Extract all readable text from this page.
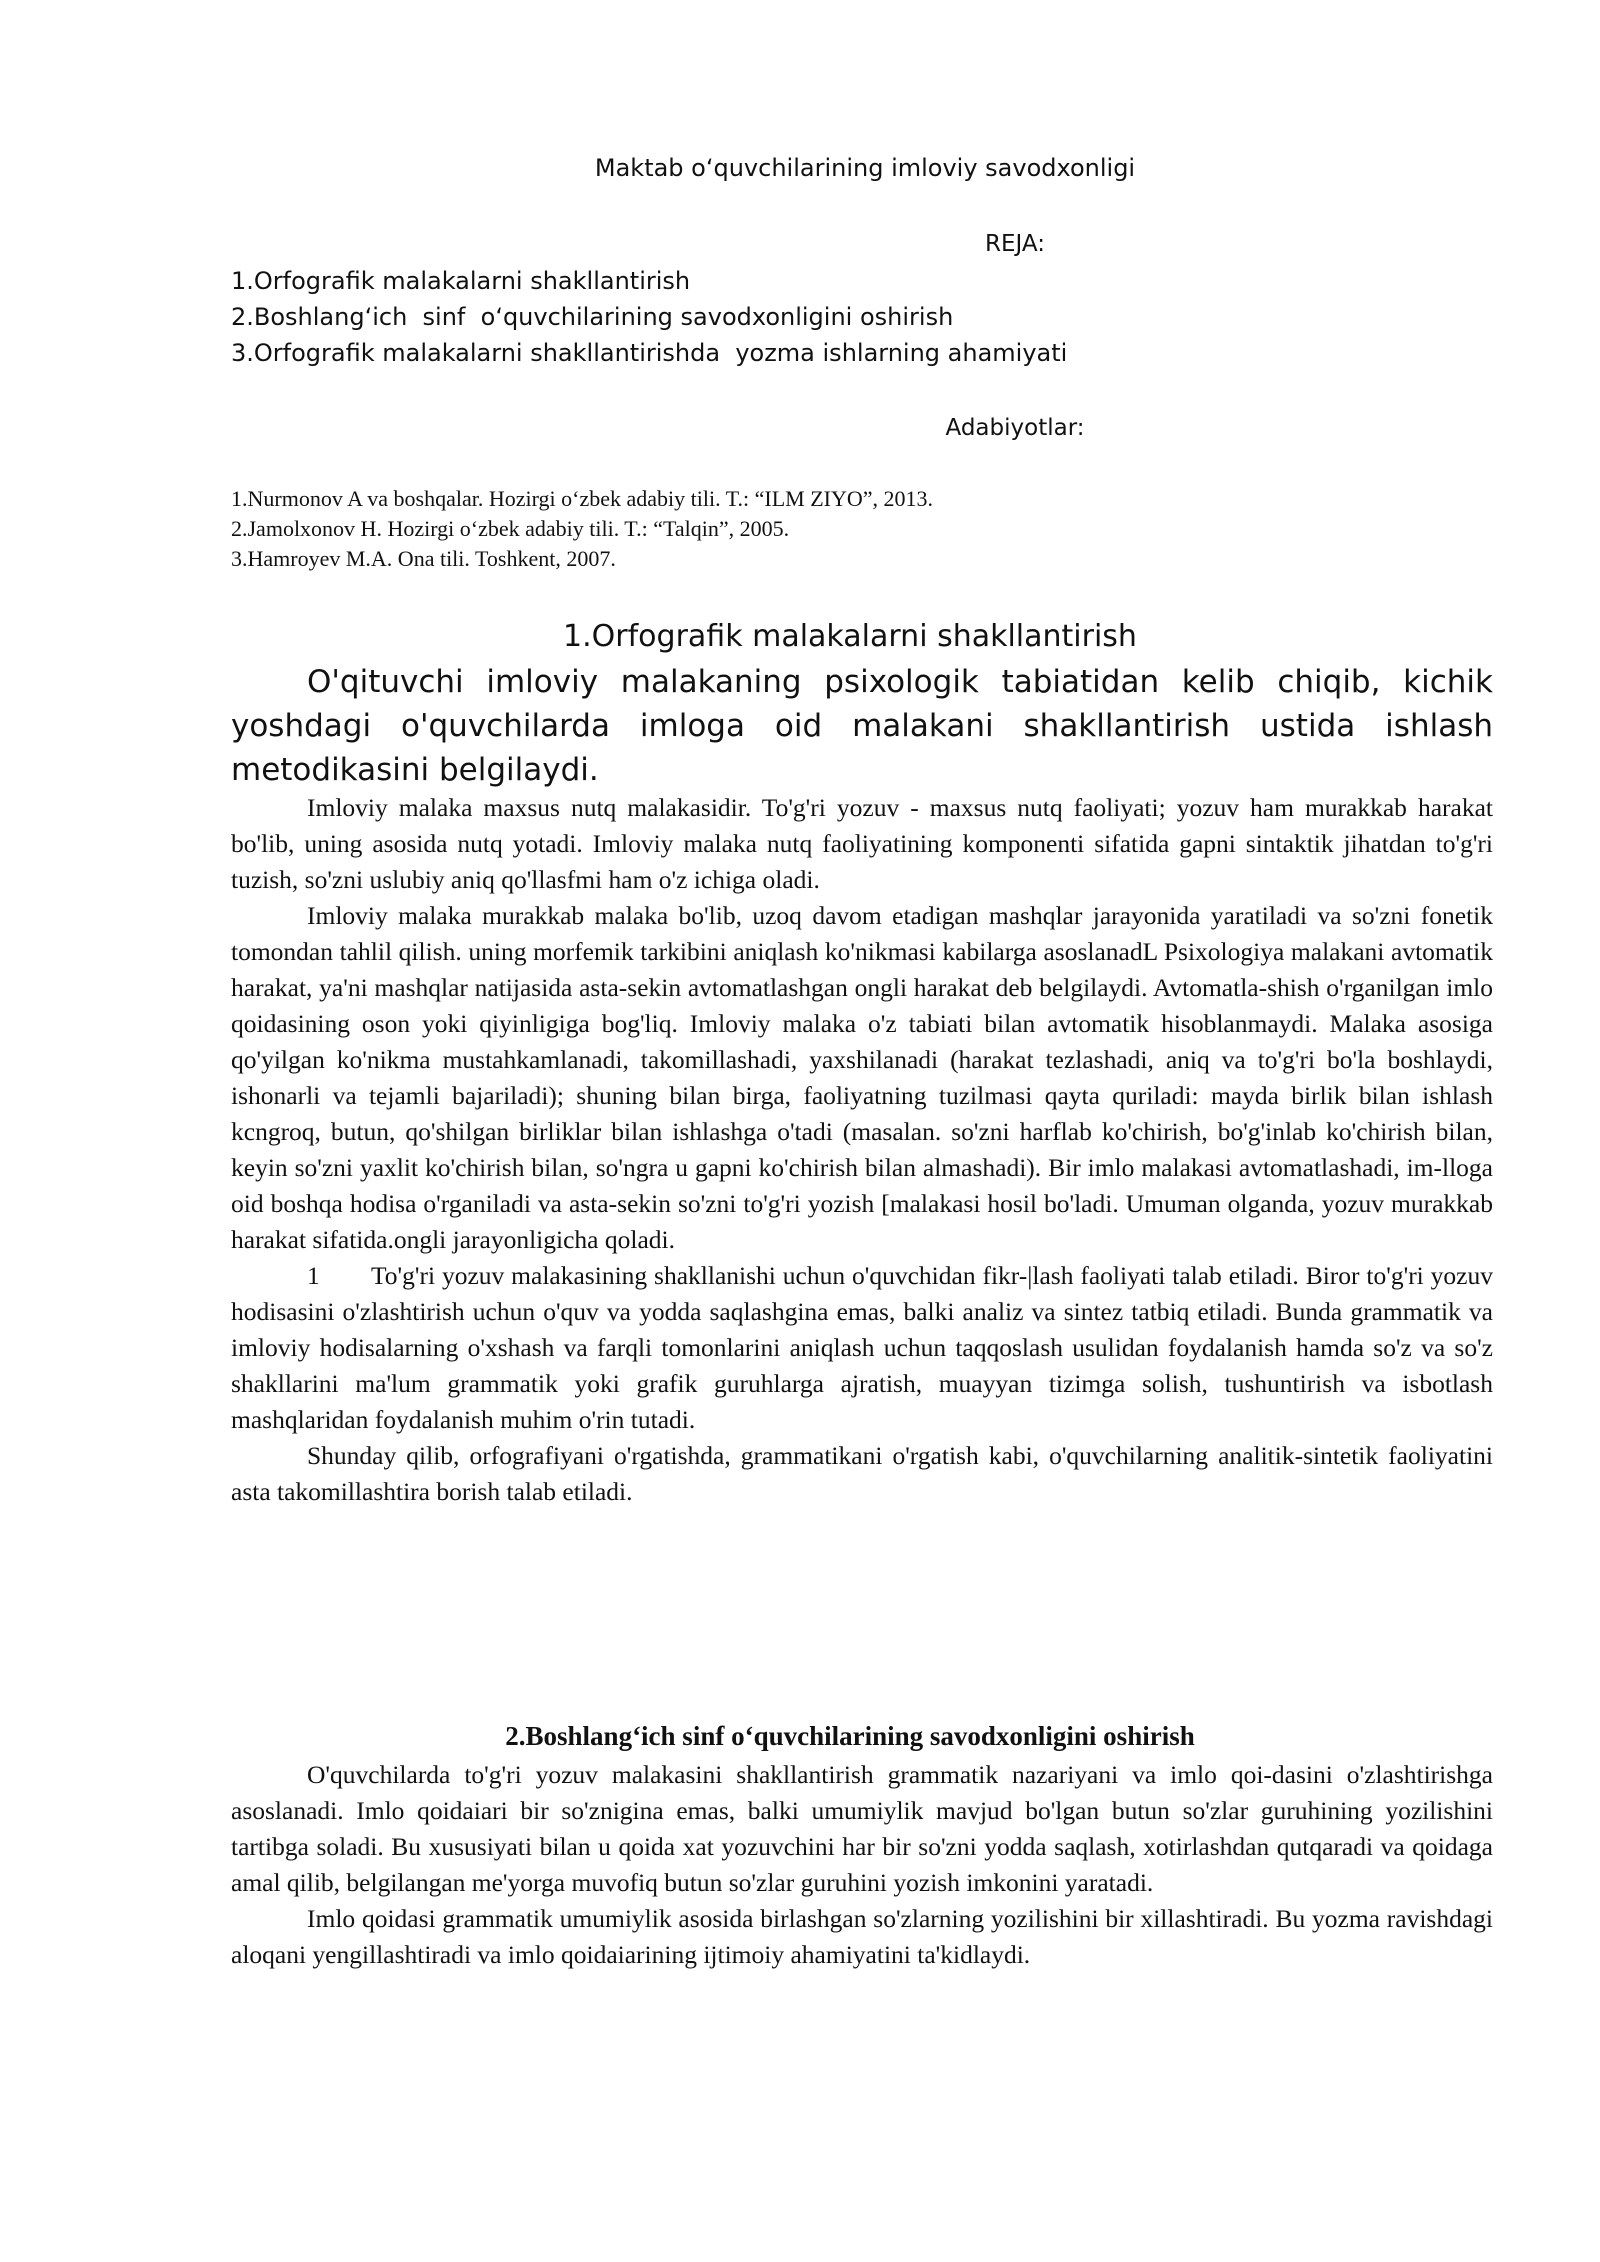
Maktab o‘quvchilarining imloviy savodxonligi
REJA:
1.Orfografik malakalarni shakllantirish
2.Boshlang‘ich  sinf  o‘quvchilarining savodxonligini oshirish
3.Orfografik malakalarni shakllantirishda  yozma ishlarning ahamiyati
Adabiyotlar:
1.Nurmonov A va boshqalar. Hozirgi o‘zbek adabiy tili. T.: “ILM ZIYO”, 2013.
2.Jamolxonov H. Hozirgi o‘zbek adabiy tili. T.: “Talqin”, 2005.
3.Hamroyev M.A. Ona tili. Toshkent, 2007.
1.Orfografik malakalarni shakllantirish
O'qituvchi imloviy malakaning psixologik tabiatidan kelib chiqib, kichik yoshdagi o'quvchilarda imloga oid malakani shakllantirish ustida ishlash metodikasini belgilaydi.

Imloviy malaka maxsus nutq malakasidir. To'g'ri yozuv - maxsus nutq faoliyati; yozuv ham murakkab harakat bo'lib, uning asosida nutq yotadi. Imloviy malaka nutq faoliyatining komponenti sifatida gapni sintaktik jihatdan to'g'ri tuzish, so'zni uslubiy aniq qo'llasfmi ham o'z ichiga oladi.

Imloviy malaka murakkab malaka bo'lib, uzoq davom etadigan mashqlar jarayonida yaratiladi va so'zni fonetik tomondan tahlil qilish. uning morfemik tarkibini aniqlash ko'nikmasi kabilarga asoslanadL Psixologiya malakani avtomatik harakat, ya'ni mashqlar natijasida asta-sekin avtomatlashgan ongli harakat deb belgilaydi. Avtomatla-shish o'rganilgan imlo qoidasining oson yoki qiyinligiga bog'liq. Imloviy malaka o'z tabiati bilan avtomatik hisoblanmaydi. Malaka asosiga qo'yilgan ko'nikma mustahkamlanadi, takomillashadi, yaxshilanadi (harakat tezlashadi, aniq va to'g'ri bo'la boshlaydi, ishonarli va tejamli bajariladi); shuning bilan birga, faoliyatning tuzilmasi qayta quriladi: mayda birlik bilan ishlash kcngroq, butun, qo'shilgan birliklar bilan ishlashga o'tadi (masalan. so'zni harflab ko'chirish, bo'g'inlab ko'chirish bilan, keyin so'zni yaxlit ko'chirish bilan, so'ngra u gapni ko'chirish bilan almashadi). Bir imlo malakasi avtomatlashadi, im-lloga oid boshqa hodisa o'rganiladi va asta-sekin so'zni to'g'ri yozish [malakasi hosil bo'ladi. Umuman olganda, yozuv murakkab harakat sifatida.ongli jarayonligicha qoladi.

1 To'g'ri yozuv malakasining shakllanishi uchun o'quvchidan fikr-|lash faoliyati talab etiladi. Biror to'g'ri yozuv hodisasini o'zlashtirish uchun o'quv va yodda saqlashgina emas, balki analiz va sintez tatbiq etiladi. Bunda grammatik va imloviy hodisalarning o'xshash va farqli tomonlarini aniqlash uchun taqqoslash usulidan foydalanish hamda so'z va so'z shakllarini ma'lum grammatik yoki grafik guruhlarga ajratish, muayyan tizimga solish, tushuntirish va isbotlash mashqlaridan foydalanish muhim o'rin tutadi.

Shunday qilib, orfografiyani o'rgatishda, grammatikani o'rgatish kabi, o'quvchilarning analitik-sintetik faoliyatini asta takomillashtira borish talab etiladi.

2.Boshlang‘ich sinf o‘quvchilarining savodxonligini oshirish

O'quvchilarda to'g'ri yozuv malakasini shakllantirish grammatik nazariyani va imlo qoi-dasini o'zlashtirishga asoslanadi. Imlo qoidaiari bir so'znigina emas, balki umumiylik mavjud bo'lgan butun so'zlar guruhining yozilishini tartibga soladi. Bu xususiyati bilan u qoida xat yozuvchini har bir so'zni yodda saqlash, xotirlashdan qutqaradi va qoidaga amal qilib, belgilangan me'yorga muvofiq butun so'zlar guruhini yozish imkonini yaratadi.

Imlo qoidasi grammatik umumiylik asosida birlashgan so'zlarning yozilishini bir xillashtiradi. Bu yozma ravishdagi aloqani yengillashtiradi va imlo qoidaiarining ijtimoiy ahamiyatini ta'kidlaydi.
